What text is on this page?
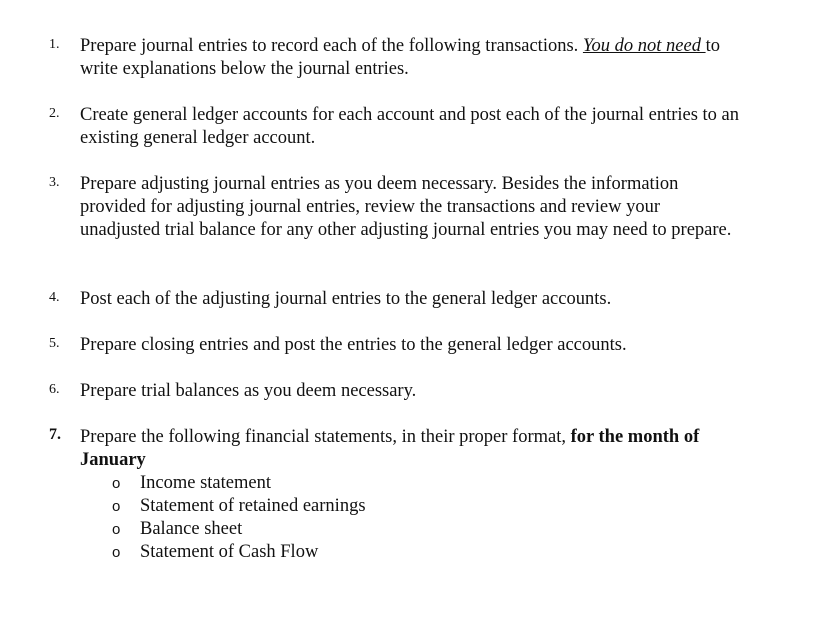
1. Prepare journal entries to record each of the following transactions. You do not need to write explanations below the journal entries.
2. Create general ledger accounts for each account and post each of the journal entries to an existing general ledger account.
3. Prepare adjusting journal entries as you deem necessary. Besides the information provided for adjusting journal entries, review the transactions and review your unadjusted trial balance for any other adjusting journal entries you may need to prepare.
4. Post each of the adjusting journal entries to the general ledger accounts.
5. Prepare closing entries and post the entries to the general ledger accounts.
6. Prepare trial balances as you deem necessary.
7. Prepare the following financial statements, in their proper format, for the month of January
o Income statement
o Statement of retained earnings
o Balance sheet
o Statement of Cash Flow
